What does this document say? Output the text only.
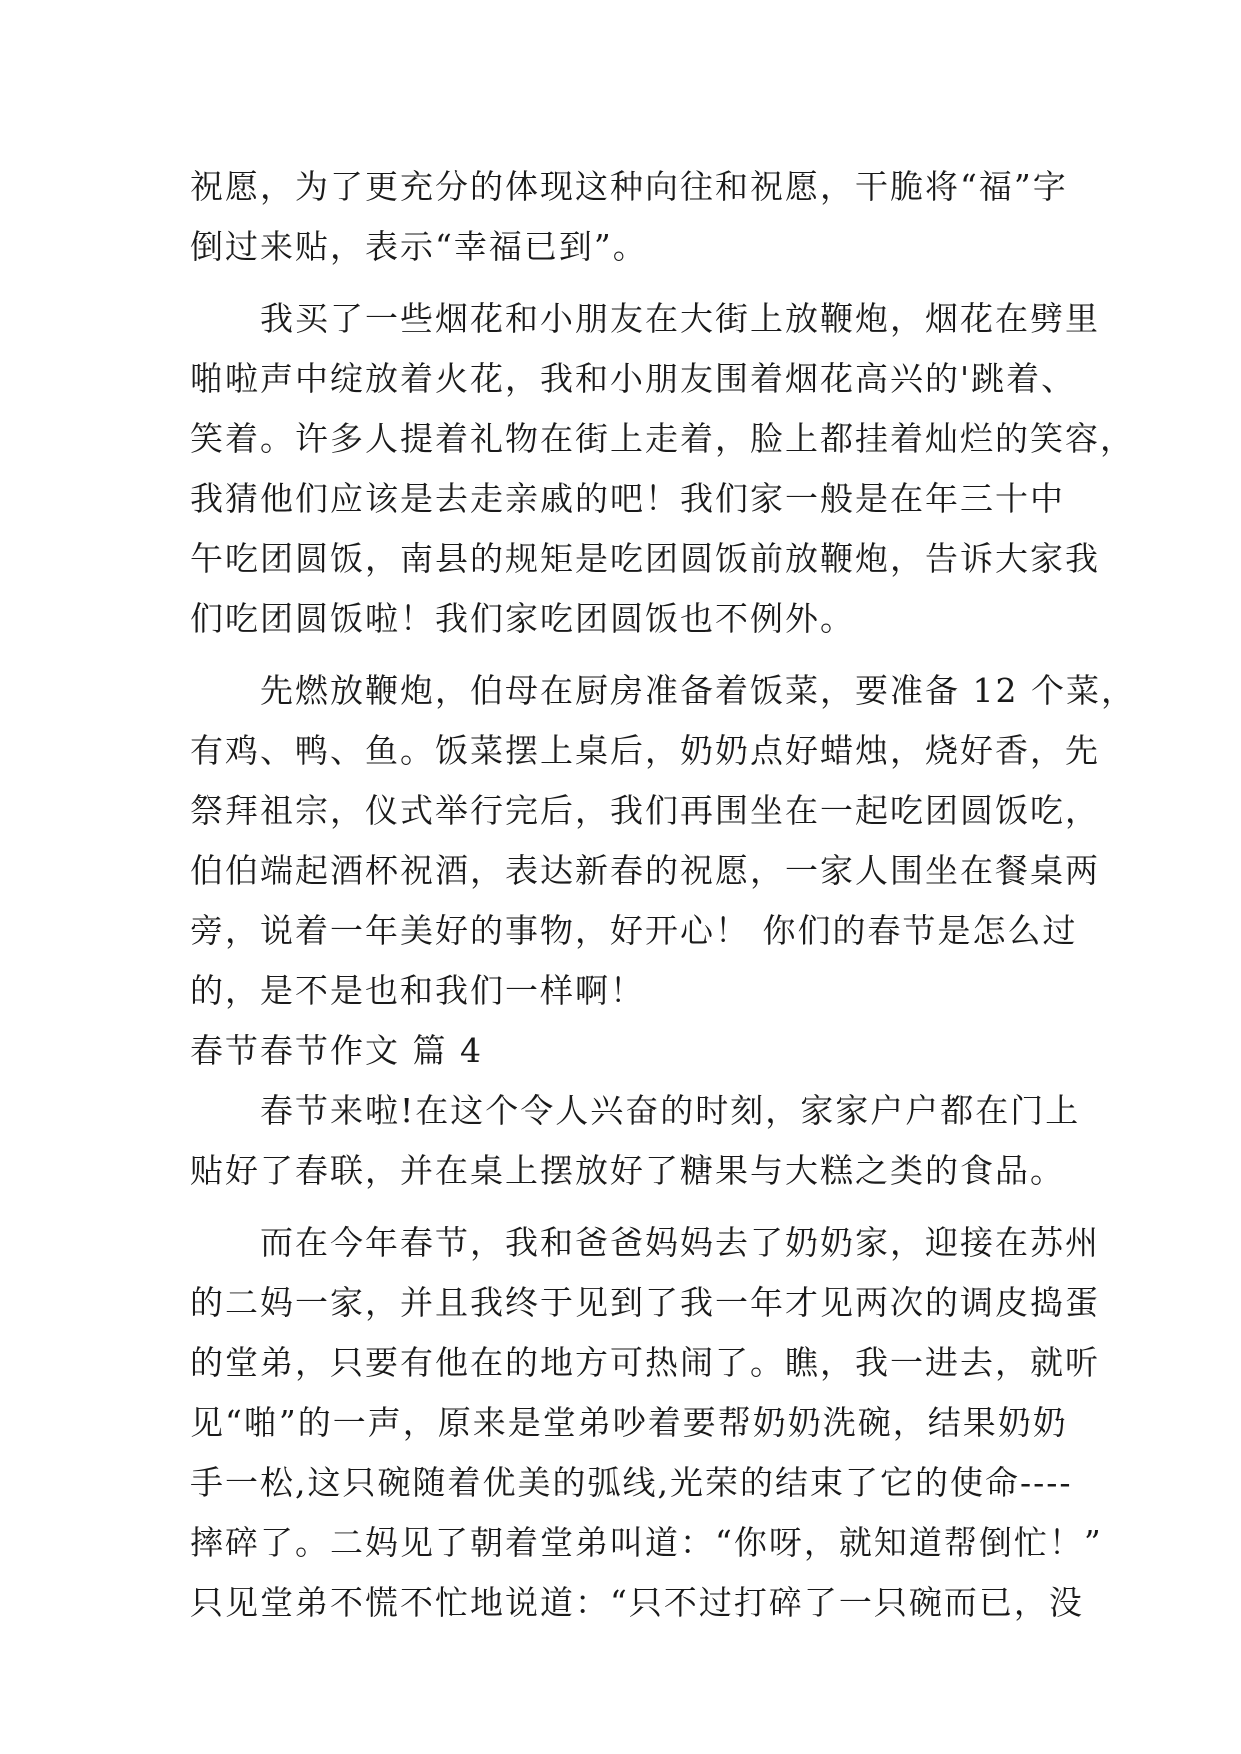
祝愿，为了更充分的体现这种向往和祝愿，干脆将“福”字
倒过来贴，表示“幸福已到”。
我买了一些烟花和小朋友在大街上放鞭炮，烟花在劈里
啪啦声中绽放着火花，我和小朋友围着烟花高兴的'跳着、
笑着。许多人提着礼物在街上走着，脸上都挂着灿烂的笑容，
我猜他们应该是去走亲戚的吧！我们家一般是在年三十中
午吃团圆饭，南县的规矩是吃团圆饭前放鞭炮，告诉大家我
们吃团圆饭啦！我们家吃团圆饭也不例外。
先燃放鞭炮，伯母在厨房准备着饭菜，要准备 12 个菜，
有鸡、鸭、鱼。饭菜摆上桌后，奶奶点好蜡烛，烧好香，先
祭拜祖宗，仪式举行完后，我们再围坐在一起吃团圆饭吃，
伯伯端起酒杯祝酒，表达新春的祝愿，一家人围坐在餐桌两
旁，说着一年美好的事物，好开心！ 你们的春节是怎么过
的，是不是也和我们一样啊！
春节春节作文 篇 4
春节来啦!在这个令人兴奋的时刻，家家户户都在门上
贴好了春联，并在桌上摆放好了糖果与大糕之类的食品。
而在今年春节，我和爸爸妈妈去了奶奶家，迎接在苏州
的二妈一家，并且我终于见到了我一年才见两次的调皮捣蛋
的堂弟，只要有他在的地方可热闹了。瞧，我一进去，就听
见“啪”的一声，原来是堂弟吵着要帮奶奶洗碗，结果奶奶
手一松,这只碗随着优美的弧线,光荣的结束了它的使命----
摔碎了。二妈见了朝着堂弟叫道：“你呀，就知道帮倒忙！”
只见堂弟不慌不忙地说道：“只不过打碎了一只碗而已，没
